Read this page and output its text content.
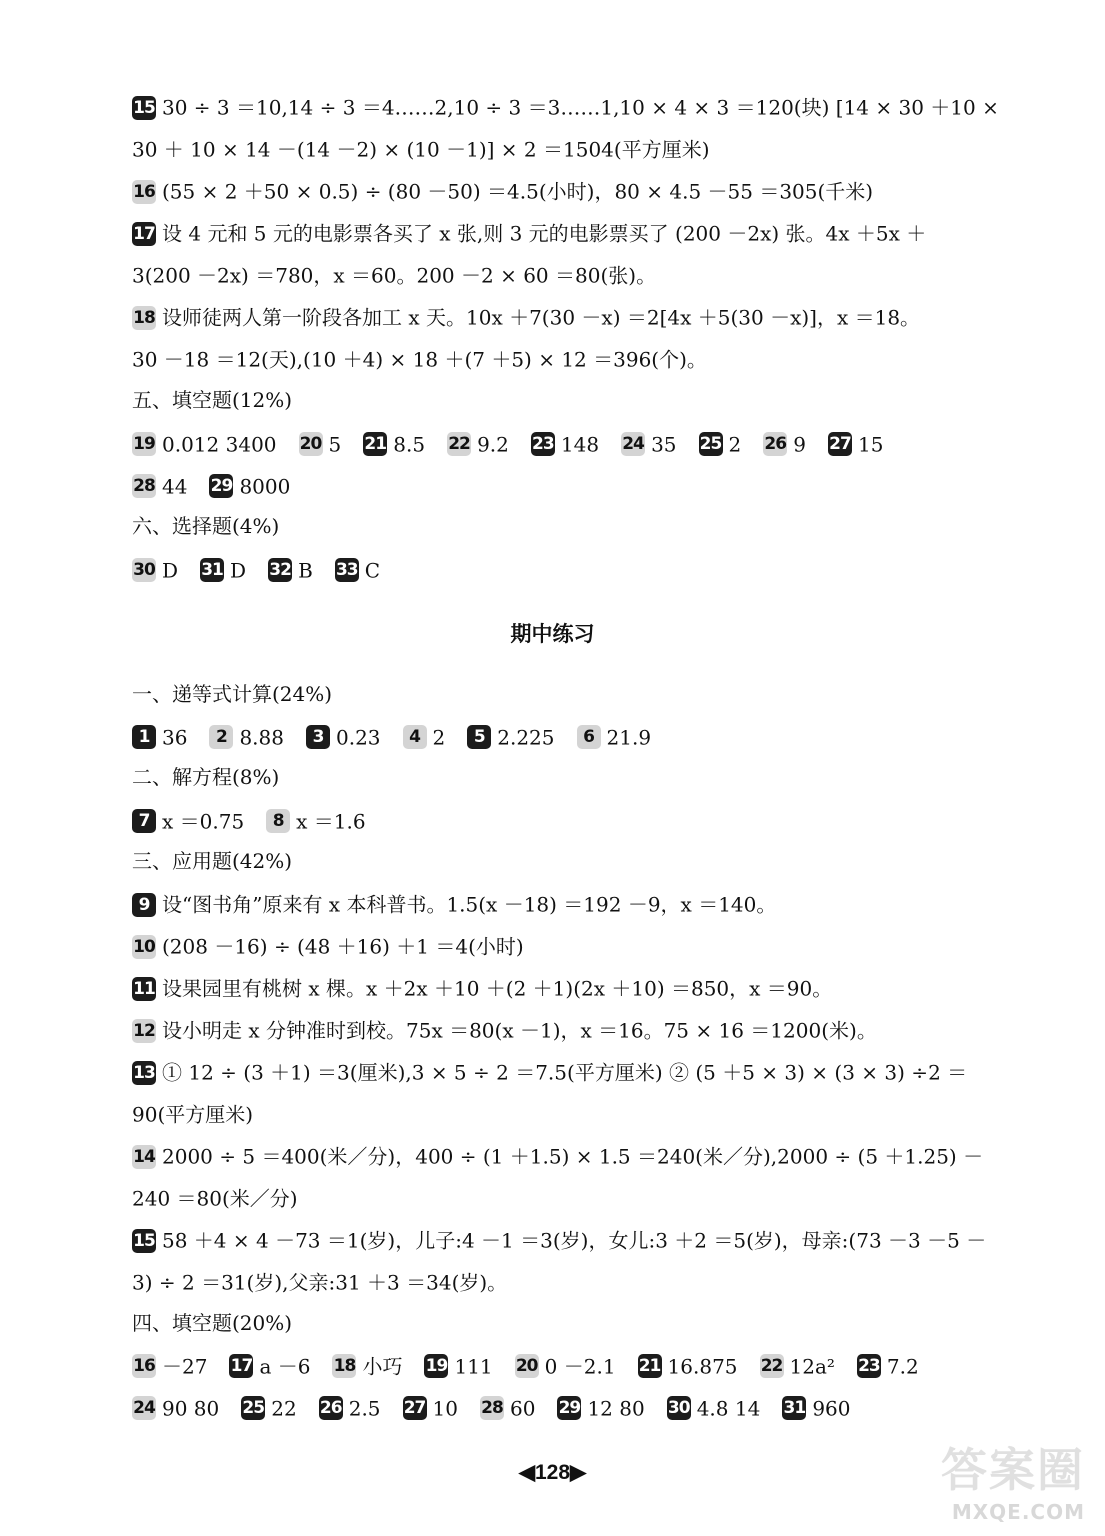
15 30 ÷ 3 ＝10,14 ÷ 3 ＝4……2,10 ÷ 3 ＝3……1,10 × 4 × 3 ＝120(块) [14 × 30 ＋10 ×
30 ＋ 10 × 14 －(14 －2) × (10 －1)] × 2 ＝1504(平方厘米)
16 (55 × 2 ＋50 × 0.5) ÷ (80 －50) ＝4.5(小时)，80 × 4.5 －55 ＝305(千米)
17 设 4 元和 5 元的电影票各买了 x 张,则 3 元的电影票买了 (200 －2x) 张。4x ＋5x ＋
3(200 －2x) ＝780，x ＝60。200 －2 × 60 ＝80(张)。
18 设师徒两人第一阶段各加工 x 天。10x ＋7(30 －x) ＝2[4x ＋5(30 －x)]，x ＝18。
30 －18 ＝12(天),(10 ＋4) × 18 ＋(7 ＋5) × 12 ＝396(个)。
五、填空题(12%)
19 0.012 3400 20 5 21 8.5 22 9.2 23 148 24 35 25 2 26 9 27 15
28 44 29 8000
六、选择题(4%)
30 D 31 D 32 B 33 C
期中练习
一、递等式计算(24%)
1 36 2 8.88 3 0.23 4 2 5 2.225 6 21.9
二、解方程(8%)
7 x ＝0.75 8 x ＝1.6
三、应用题(42%)
9 设“图书角”原来有 x 本科普书。1.5(x －18) ＝192 －9，x ＝140。
10 (208 －16) ÷ (48 ＋16) ＋1 ＝4(小时)
11 设果园里有桃树 x 棵。x ＋2x ＋10 ＋(2 ＋1)(2x ＋10) ＝850，x ＝90。
12 设小明走 x 分钟准时到校。75x ＝80(x －1)，x ＝16。75 × 16 ＝1200(米)。
13 ① 12 ÷ (3 ＋1) ＝3(厘米),3 × 5 ÷ 2 ＝7.5(平方厘米) ② (5 ＋5 × 3) × (3 × 3) ÷2 ＝
90(平方厘米)
14 2000 ÷ 5 ＝400(米／分)，400 ÷ (1 ＋1.5) × 1.5 ＝240(米／分),2000 ÷ (5 ＋1.25) －
240 ＝80(米／分)
15 58 ＋4 × 4 －73 ＝1(岁)，儿子:4 －1 ＝3(岁)，女儿:3 ＋2 ＝5(岁)，母亲:(73 －3 －5 －
3) ÷ 2 ＝31(岁),父亲:31 ＋3 ＝34(岁)。
四、填空题(20%)
16 －27 17 a －6 18 小巧 19 111 20 0 －2.1 21 16.875 22 12a² 23 7.2
24 90 80 25 22 26 2.5 27 10 28 60 29 12 80 30 4.8 14 31 960
◀128▶	答案圈
MXQE.COM
